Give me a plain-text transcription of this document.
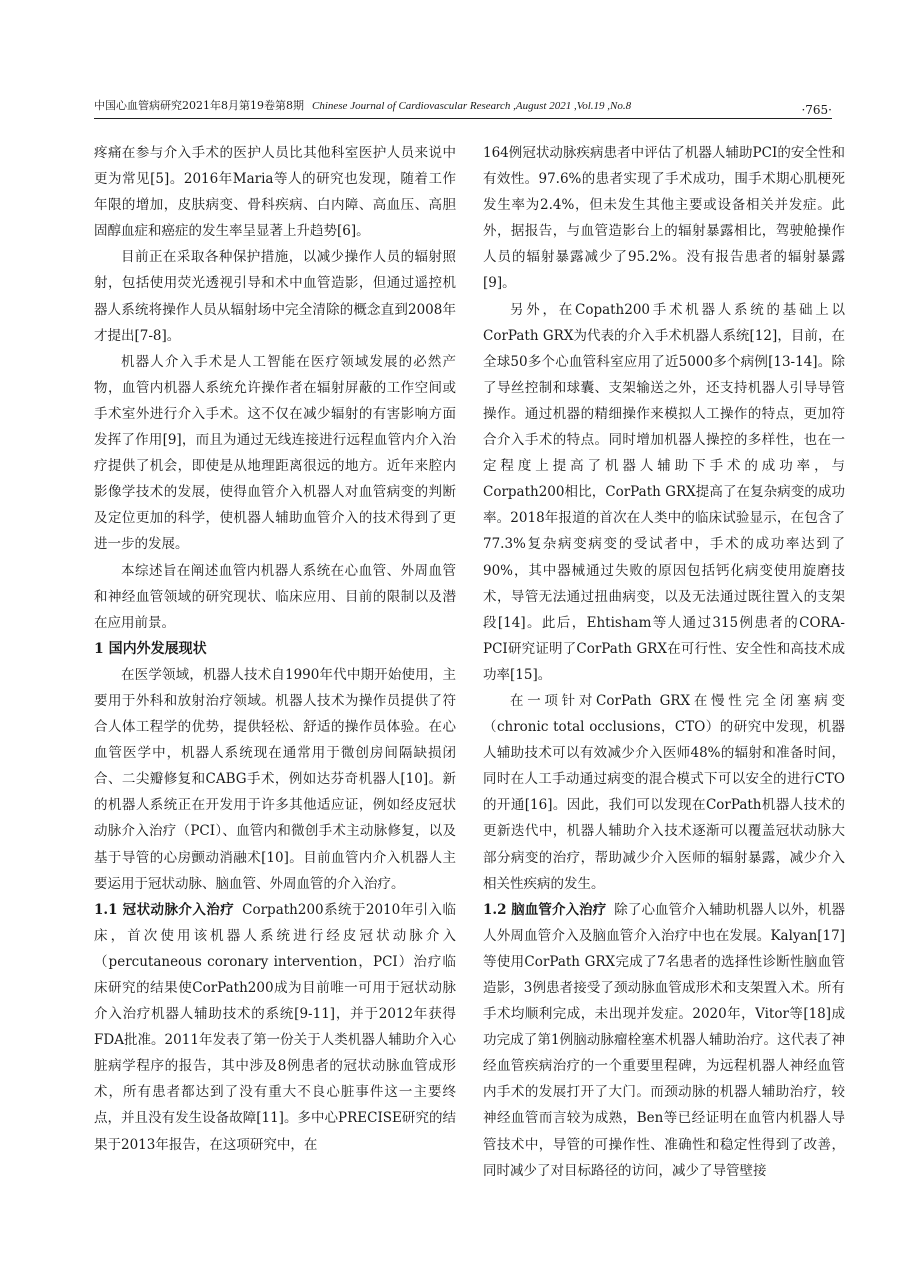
中国心血管病研究2021年8月第19卷第8期 Chinese Journal of Cardiovascular Research ,August 2021 ,Vol.19 ,No.8	·765·

疼痛在参与介入手术的医护人员比其他科室医护人员来说中更为常见[5]。2016年Maria等人的研究也发现，随着工作年限的增加，皮肤病变、骨科疾病、白内障、高血压、高胆固醇血症和癌症的发生率呈显著上升趋势[6]。

目前正在采取各种保护措施，以减少操作人员的辐射照射，包括使用荧光透视引导和术中血管造影，但通过遥控机器人系统将操作人员从辐射场中完全清除的概念直到2008年才提出[7-8]。

机器人介入手术是人工智能在医疗领域发展的必然产物，血管内机器人系统允许操作者在辐射屏蔽的工作空间或手术室外进行介入手术。这不仅在减少辐射的有害影响方面发挥了作用[9]，而且为通过无线连接进行远程血管内介入治疗提供了机会，即使是从地理距离很远的地方。近年来腔内影像学技术的发展，使得血管介入机器人对血管病变的判断及定位更加的科学，使机器人辅助血管介入的技术得到了更进一步的发展。

本综述旨在阐述血管内机器人系统在心血管、外周血管和神经血管领域的研究现状、临床应用、目前的限制以及潜在应用前景。

1 国内外发展现状

在医学领域，机器人技术自1990年代中期开始使用，主要用于外科和放射治疗领域。机器人技术为操作员提供了符合人体工程学的优势，提供轻松、舒适的操作员体验。在心血管医学中，机器人系统现在通常用于微创房间隔缺损闭合、二尖瓣修复和CABG手术，例如达芬奇机器人[10]。新的机器人系统正在开发用于许多其他适应证，例如经皮冠状动脉介入治疗（PCI）、血管内和微创手术主动脉修复，以及基于导管的心房颤动消融术[10]。目前血管内介入机器人主要运用于冠状动脉、脑血管、外周血管的介入治疗。

1.1 冠状动脉介入治疗 Corpath200系统于2010年引入临床，首次使用该机器人系统进行经皮冠状动脉介入（percutaneous coronary intervention，PCI）治疗临床研究的结果使CorPath200成为目前唯一可用于冠状动脉介入治疗机器人辅助技术的系统[9-11]，并于2012年获得FDA批准。2011年发表了第一份关于人类机器人辅助介入心脏病学程序的报告，其中涉及8例患者的冠状动脉血管成形术，所有患者都达到了没有重大不良心脏事件这一主要终点，并且没有发生设备故障[11]。多中心PRECISE研究的结果于2013年报告，在这项研究中，在

164例冠状动脉疾病患者中评估了机器人辅助PCI的安全性和有效性。97.6%的患者实现了手术成功，围手术期心肌梗死发生率为2.4%，但未发生其他主要或设备相关并发症。此外，据报告，与血管造影台上的辐射暴露相比，驾驶舱操作人员的辐射暴露减少了95.2%。没有报告患者的辐射暴露[9]。

另外，在Copath200手术机器人系统的基础上以CorPath GRX为代表的介入手术机器人系统[12]，目前，在全球50多个心血管科室应用了近5000多个病例[13-14]。除了导丝控制和球囊、支架输送之外，还支持机器人引导导管操作。通过机器的精细操作来模拟人工操作的特点，更加符合介入手术的特点。同时增加机器人操控的多样性，也在一定程度上提高了机器人辅助下手术的成功率，与Corpath200相比，CorPath GRX提高了在复杂病变的成功率。2018年报道的首次在人类中的临床试验显示，在包含了77.3%复杂病变病变的受试者中，手术的成功率达到了90%，其中器械通过失败的原因包括钙化病变使用旋磨技术，导管无法通过扭曲病变，以及无法通过既往置入的支架段[14]。此后，Ehtisham等人通过315例患者的CORA-PCI研究证明了CorPath GRX在可行性、安全性和高技术成功率[15]。

在一项针对CorPath GRX在慢性完全闭塞病变（chronic total occlusions，CTO）的研究中发现，机器人辅助技术可以有效减少介入医师48%的辐射和准备时间，同时在人工手动通过病变的混合模式下可以安全的进行CTO的开通[16]。因此，我们可以发现在CorPath机器人技术的更新迭代中，机器人辅助介入技术逐渐可以覆盖冠状动脉大部分病变的治疗，帮助减少介入医师的辐射暴露，减少介入相关性疾病的发生。

1.2 脑血管介入治疗 除了心血管介入辅助机器人以外，机器人外周血管介入及脑血管介入治疗中也在发展。Kalyan[17]等使用CorPath GRX完成了7名患者的选择性诊断性脑血管造影，3例患者接受了颈动脉血管成形术和支架置入术。所有手术均顺利完成，未出现并发症。2020年，Vitor等[18]成功完成了第1例脑动脉瘤栓塞术机器人辅助治疗。这代表了神经血管疾病治疗的一个重要里程碑，为远程机器人神经血管内手术的发展打开了大门。而颈动脉的机器人辅助治疗，较神经血管而言较为成熟，Ben等已经证明在血管内机器人导管技术中，导管的可操作性、准确性和稳定性得到了改善，同时减少了对目标路径的访问，减少了导管壁接
